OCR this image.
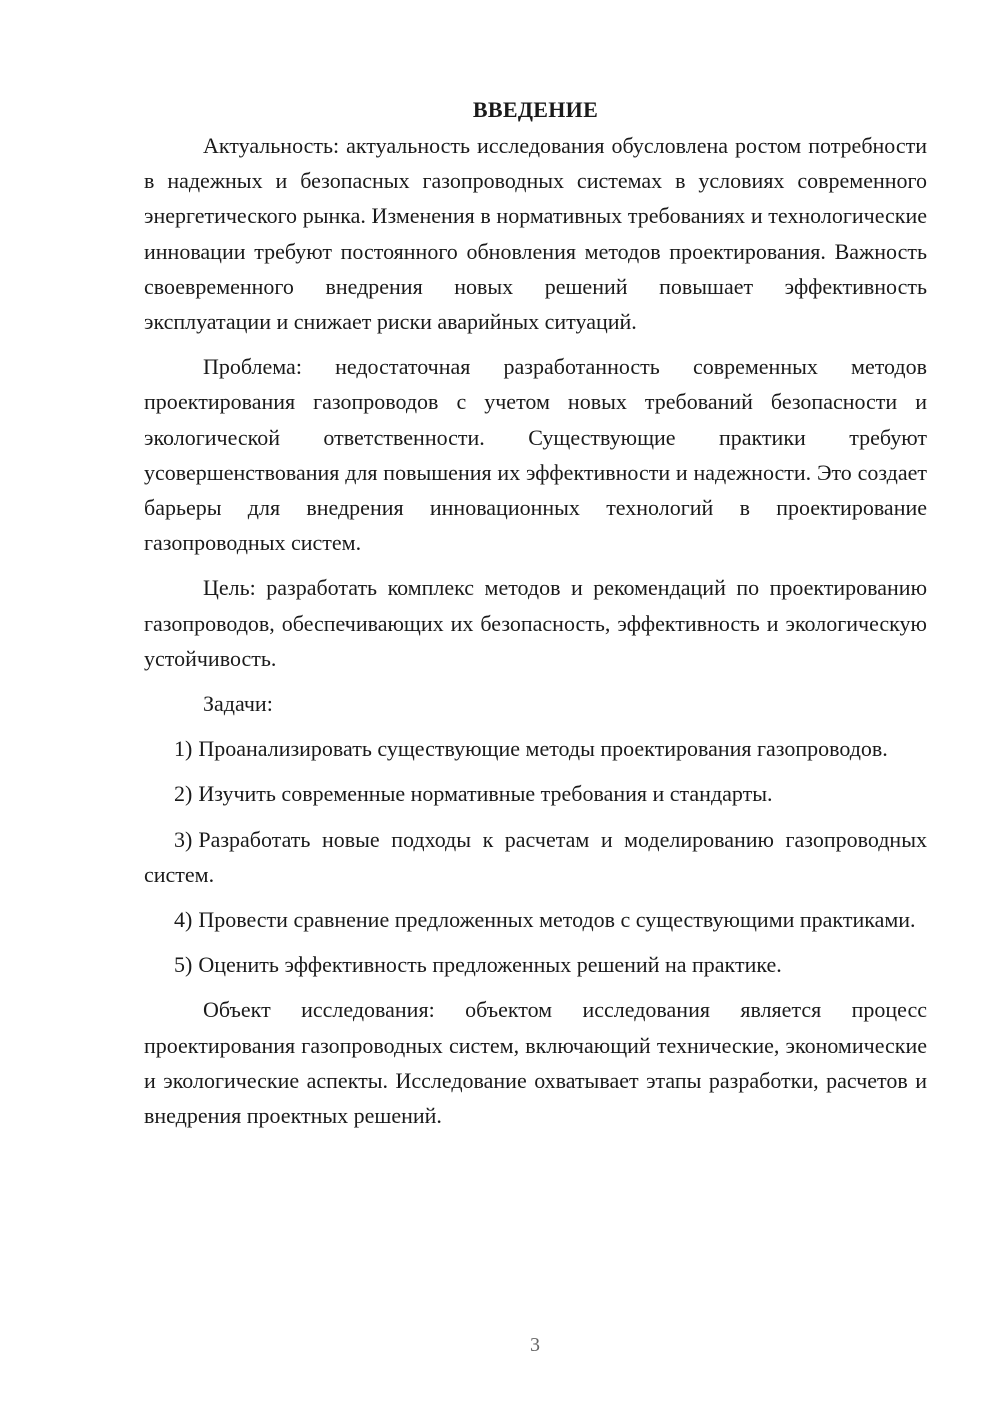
ВВЕДЕНИЕ

Актуальность: актуальность исследования обусловлена ростом потребности в надежных и безопасных газопроводных системах в условиях современного энергетического рынка. Изменения в нормативных требованиях и технологические инновации требуют постоянного обновления методов проектирования. Важность своевременного внедрения новых решений повышает эффективность эксплуатации и снижает риски аварийных ситуаций.

Проблема: недостаточная разработанность современных методов проектирования газопроводов с учетом новых требований безопасности и экологической ответственности. Существующие практики требуют усовершенствования для повышения их эффективности и надежности. Это создает барьеры для внедрения инновационных технологий в проектирование газопроводных систем.

Цель: разработать комплекс методов и рекомендаций по проектированию газопроводов, обеспечивающих их безопасность, эффективность и экологическую устойчивость.

Задачи:

1) Проанализировать существующие методы проектирования газопроводов.

2) Изучить современные нормативные требования и стандарты.

3) Разработать новые подходы к расчетам и моделированию газопроводных систем.

4) Провести сравнение предложенных методов с существующими практиками.

5) Оценить эффективность предложенных решений на практике.

Объект исследования: объектом исследования является процесс проектирования газопроводных систем, включающий технические, экономические и экологические аспекты. Исследование охватывает этапы разработки, расчетов и внедрения проектных решений.

3
